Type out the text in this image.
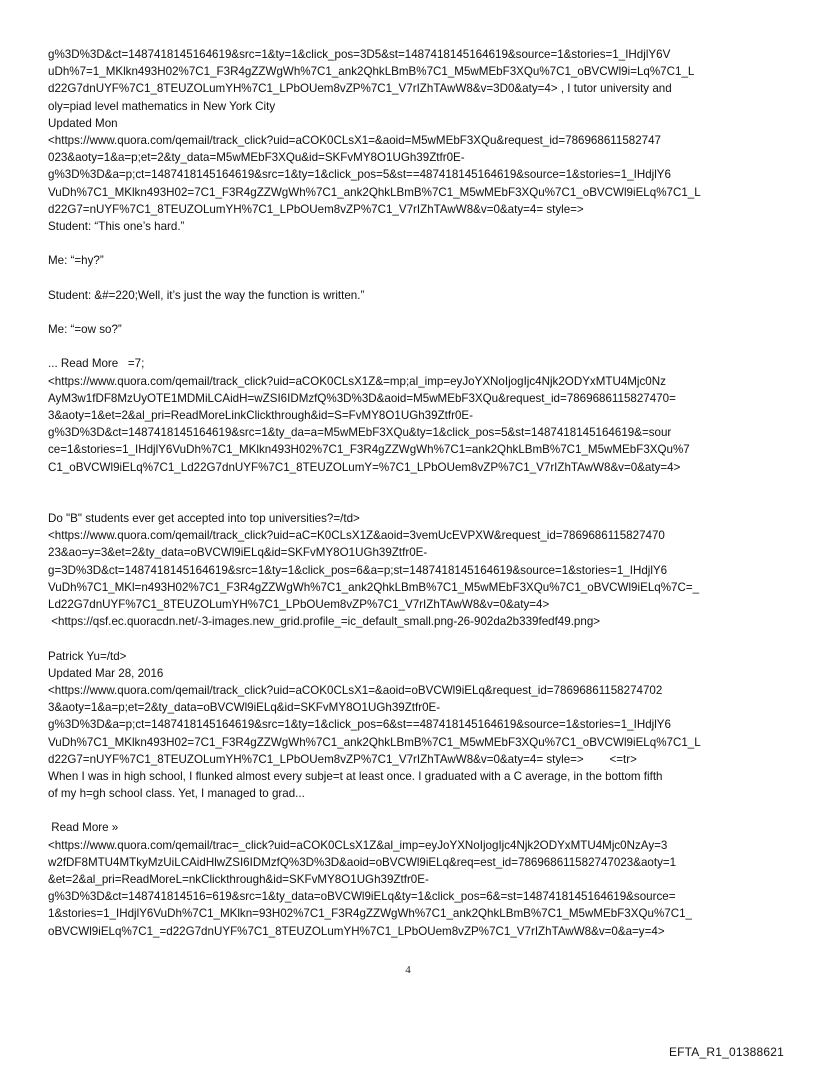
g%3D%3D&ct=1487418145164619&src=1&ty=1&click_pos=3D5&st=1487418145164619&source=1&stories=1_IHdjlY6V
uDh%7=1_MKlkn493H02%7C1_F3R4gZZWgWh%7C1_ank2QhkLBmB%7C1_M5wMEbF3XQu%7C1_oBVCWl9i=Lq%7C1_L
d22G7dnUYF%7C1_8TEUZOLumYH%7C1_LPbOUem8vZP%7C1_V7rIZhTAwW8&v=3D0&aty=4> , I tutor university and
oly=piad level mathematics in New York City
Updated Mon
<https://www.quora.com/qemail/track_click?uid=aCOK0CLsX1=&aoid=M5wMEbF3XQu&request_id=786968611582747
023&aoty=1&a=p;et=2&ty_data=M5wMEbF3XQu&id=SKFvMY8O1UGh39Ztfr0E-
g%3D%3D&a=p;ct=1487418145164619&src=1&ty=1&click_pos=5&st==487418145164619&source=1&stories=1_IHdjlY6
VuDh%7C1_MKlkn493H02=7C1_F3R4gZZWgWh%7C1_ank2QhkLBmB%7C1_M5wMEbF3XQu%7C1_oBVCWl9iELq%7C1_L
d22G7=nUYF%7C1_8TEUZOLumYH%7C1_LPbOUem8vZP%7C1_V7rIZhTAwW8&v=0&aty=4= style=>
Student: “This one’s hard.”
Me: “=hy?”
Student: &#=220;Well, it’s just the way the function is written.”
Me: “=ow so?”
... Read More   =7;
<https://www.quora.com/qemail/track_click?uid=aCOK0CLsX1Z&=mp;al_imp=eyJoYXNoIjogIjc4Njk2ODYxMTU4Mjc0Nz
AyM3w1fDF8MzUyOTE1MDMiLCAidH=wZSI6IDMzfQ%3D%3D&aoid=M5wMEbF3XQu&request_id=7869686115827470=
3&aoty=1&et=2&al_pri=ReadMoreLinkClickthrough&id=S=FvMY8O1UGh39Ztfr0E-
g%3D%3D&ct=1487418145164619&src=1&ty_da=a=M5wMEbF3XQu&ty=1&click_pos=5&st=1487418145164619&=sour
ce=1&stories=1_IHdjlY6VuDh%7C1_MKlkn493H02%7C1_F3R4gZZWgWh%7C1=ank2QhkLBmB%7C1_M5wMEbF3XQu%7
C1_oBVCWl9iELq%7C1_Ld22G7dnUYF%7C1_8TEUZOLumY=%7C1_LPbOUem8vZP%7C1_V7rIZhTAwW8&v=0&aty=4>
Do "B" students ever get accepted into top universities?=/td>
<https://www.quora.com/qemail/track_click?uid=aC=K0CLsX1Z&aoid=3vemUcEVPXW&request_id=7869686115827470
23&ao=y=3&et=2&ty_data=oBVCWl9iELq&id=SKFvMY8O1UGh39Ztfr0E-
g=3D%3D&ct=1487418145164619&src=1&ty=1&click_pos=6&a=p;st=1487418145164619&source=1&stories=1_IHdjlY6
VuDh%7C1_MKl=n493H02%7C1_F3R4gZZWgWh%7C1_ank2QhkLBmB%7C1_M5wMEbF3XQu%7C1_oBVCWl9iELq%7C=_
Ld22G7dnUYF%7C1_8TEUZOLumYH%7C1_LPbOUem8vZP%7C1_V7rIZhTAwW8&v=0&aty=4>
<https://qsf.ec.quoracdn.net/-3-images.new_grid.profile_=ic_default_small.png-26-902da2b339fedf49.png>
Patrick Yu=/td>
Updated Mar 28, 2016
<https://www.quora.com/qemail/track_click?uid=aCOK0CLsX1=&aoid=oBVCWl9iELq&request_id=78696861158274702
3&aoty=1&a=p;et=2&ty_data=oBVCWl9iELq&id=SKFvMY8O1UGh39Ztfr0E-
g%3D%3D&a=p;ct=1487418145164619&src=1&ty=1&click_pos=6&st==487418145164619&source=1&stories=1_IHdjlY6
VuDh%7C1_MKlkn493H02=7C1_F3R4gZZWgWh%7C1_ank2QhkLBmB%7C1_M5wMEbF3XQu%7C1_oBVCWl9iELq%7C1_L
d22G7=nUYF%7C1_8TEUZOLumYH%7C1_LPbOUem8vZP%7C1_V7rIZhTAwW8&v=0&aty=4= style=>        <=tr>
When I was in high school, I flunked almost every subje=t at least once. I graduated with a C average, in the bottom fifth
of my h=gh school class. Yet, I managed to grad...
Read More »
<https://www.quora.com/qemail/trac=_click?uid=aCOK0CLsX1Z&al_imp=eyJoYXNoIjogIjc4Njk2ODYxMTU4Mjc0NzAy=3
w2fDF8MTU4MTkyMzUiLCAidHlwZSI6IDMzfQ%3D%3D&aoid=oBVCWl9iELq&req=est_id=786968611582747023&aoty=1
&et=2&al_pri=ReadMoreL=nkClickthrough&id=SKFvMY8O1UGh39Ztfr0E-
g%3D%3D&ct=148741814516=619&src=1&ty_data=oBVCWl9iELq&ty=1&click_pos=6&=st=1487418145164619&source=
1&stories=1_IHdjlY6VuDh%7C1_MKlkn=93H02%7C1_F3R4gZZWgWh%7C1_ank2QhkLBmB%7C1_M5wMEbF3XQu%7C1_
oBVCWl9iELq%7C1_=d22G7dnUYF%7C1_8TEUZOLumYH%7C1_LPbOUem8vZP%7C1_V7rIZhTAwW8&v=0&a=y=4>
4
EFTA_R1_01388621
